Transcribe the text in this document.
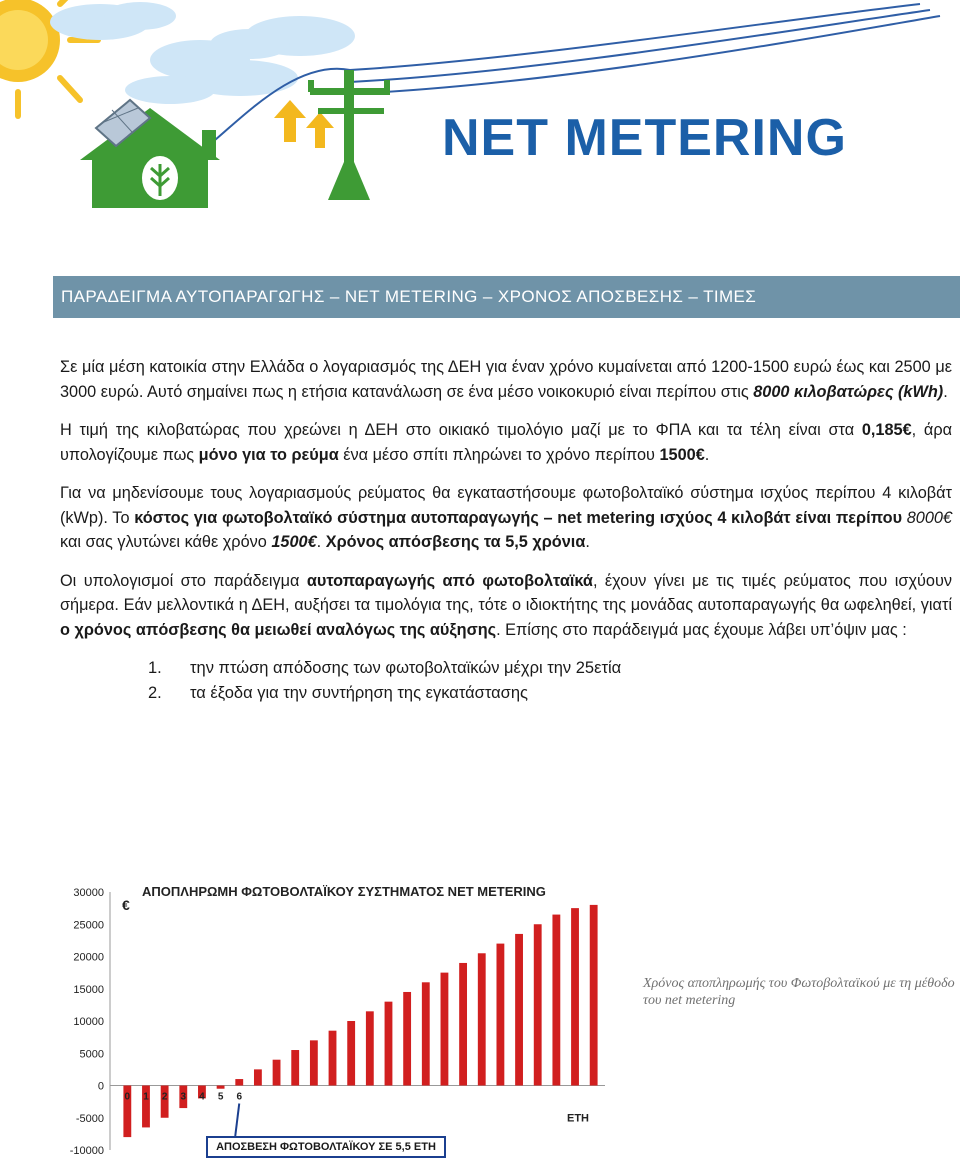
NET METERING
ΠΑΡΑΔΕΙΓΜΑ ΑΥΤΟΠΑΡΑΓΩΓΗΣ – NET METERING – ΧΡΟΝΟΣ ΑΠΟΣΒΕΣΗΣ – ΤΙΜΕΣ

Σε μία μέση κατοικία στην Ελλάδα ο λογαριασμός της ΔΕΗ για έναν χρόνο κυμαίνεται από 1200-1500 ευρώ έως και 2500 με 3000 ευρώ. Αυτό σημαίνει πως η ετήσια κατανάλωση σε ένα μέσο νοικοκυριό είναι περίπου στις 8000 κιλοβατώρες (kWh).

Η τιμή της κιλοβατώρας που χρεώνει η ΔΕΗ στο οικιακό τιμολόγιο μαζί με το ΦΠΑ και τα τέλη είναι στα 0,185€, άρα υπολογίζουμε πως μόνο για το ρεύμα ένα μέσο σπίτι πληρώνει το χρόνο περίπου 1500€.

Για να μηδενίσουμε τους λογαριασμούς ρεύματος θα εγκαταστήσουμε φωτοβολταϊκό σύστημα ισχύος περίπου 4 κιλοβάτ (kWp). Το κόστος για φωτοβολταϊκό σύστημα αυτοπαραγωγής – net metering ισχύος 4 κιλοβάτ είναι περίπου 8000€ και σας γλυτώνει κάθε χρόνο 1500€. Χρόνος απόσβεσης τα 5,5 χρόνια.

Οι υπολογισμοί στο παράδειγμα αυτοπαραγωγής από φωτοβολταϊκά, έχουν γίνει με τις τιμές ρεύματος που ισχύουν σήμερα. Εάν μελλοντικά η ΔΕΗ, αυξήσει τα τιμολόγια της, τότε ο ιδιοκτήτης της μονάδας αυτοπαραγωγής θα ωφεληθεί, γιατί ο χρόνος απόσβεσης θα μειωθεί αναλόγως της αύξησης. Επίσης στο παράδειγμά μας έχουμε λάβει υπ’όψιν μας :

1.	την πτώση απόδοσης των φωτοβολταϊκών μέχρι την 25ετία
2.	τα έξοδα για την συντήρηση της εγκατάστασης
30000
25000
20000
15000
10000
5000
0
-5000
-10000
€
0 1 2 3 4 5 6
ΕΤΗ
ΑΠΟΠΛΗΡΩΜΗ ΦΩΤΟΒΟΛΤΑΪΚΟΥ ΣΥΣΤΗΜΑΤΟΣ NET METERING
ΑΠΟΣΒΕΣΗ ΦΩΤΟΒΟΛΤΑΪΚΟΥ ΣΕ 5,5 ΕΤΗ
Χρόνος αποπληρωμής του Φωτοβολταϊκού με τη μέθοδο του net metering
